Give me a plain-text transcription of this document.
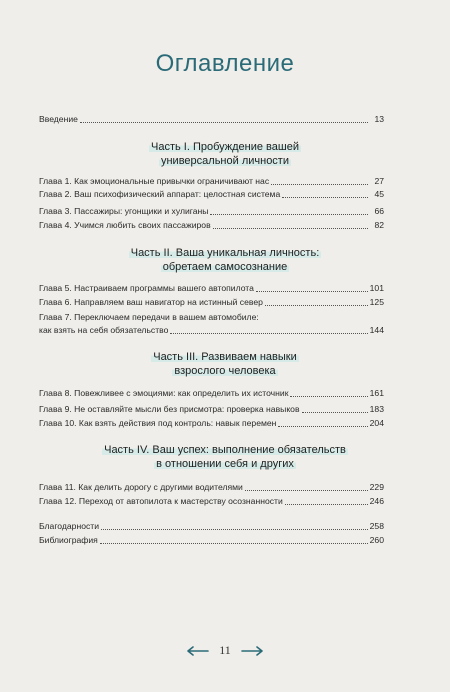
Оглавление
Введение	13
Часть I. Пробуждение вашей
универсальной личности
Глава 1. Как эмоциональные привычки ограничивают нас	27
Глава 2. Ваш психофизический аппарат: целостная система	45
Глава 3. Пассажиры: угонщики и хулиганы	66
Глава 4. Учимся любить своих пассажиров	82
Часть II. Ваша уникальная личность:
обретаем самосознание
Глава 5. Настраиваем программы вашего автопилота	101
Глава 6. Направляем ваш навигатор на истинный север	125
Глава 7. Переключаем передачи в вашем автомобиле:
как взять на себя обязательство	144
Часть III. Развиваем навыки
взрослого человека
Глава 8. Повежливее с эмоциями: как определить их источник	161
Глава 9. Не оставляйте мысли без присмотра: проверка навыков	183
Глава 10. Как взять действия под контроль: навык перемен	204
Часть IV. Ваш успех: выполнение обязательств
в отношении себя и других
Глава 11. Как делить дорогу с другими водителями	229
Глава 12. Переход от автопилота к мастерству осознанности	246
Благодарности	258
Библиография	260
11
